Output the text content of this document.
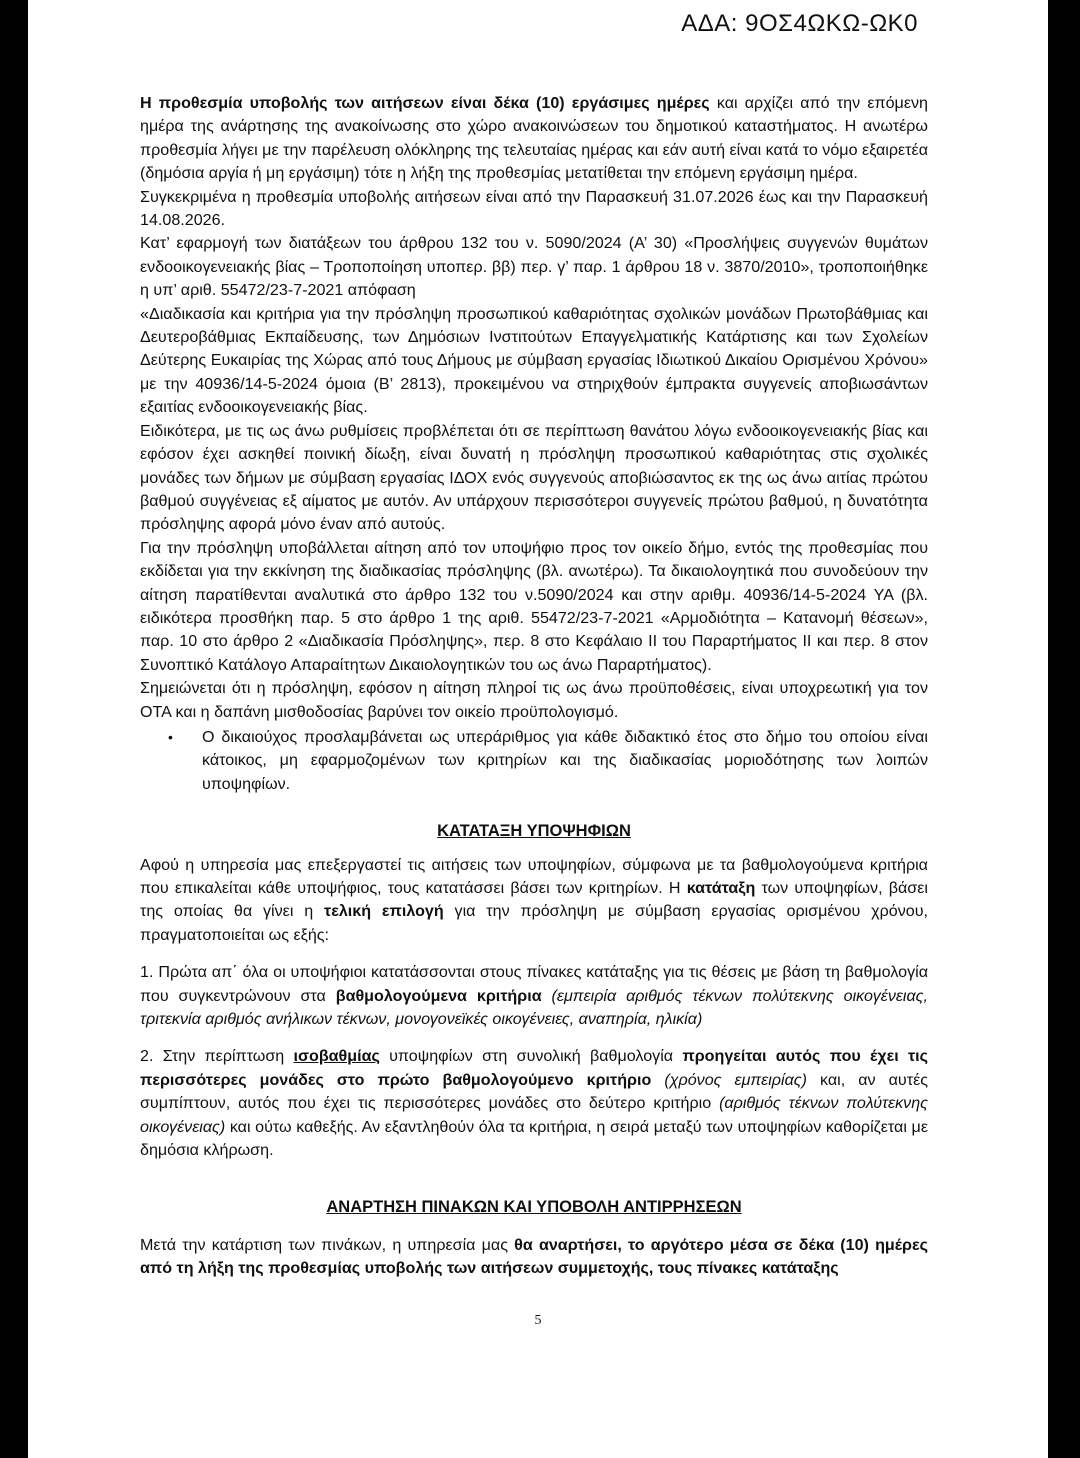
ΑΔΑ: 9ΟΣ4ΩΚΩ-ΩΚ0

Η προθεσμία υποβολής των αιτήσεων είναι δέκα (10) εργάσιμες ημέρες και αρχίζει από την επόμενη ημέρα της ανάρτησης της ανακοίνωσης στο χώρο ανακοινώσεων του δημοτικού καταστήματος. Η ανωτέρω προθεσμία λήγει με την παρέλευση ολόκληρης της τελευταίας ημέρας και εάν αυτή είναι κατά το νόμο εξαιρετέα (δημόσια αργία ή μη εργάσιμη) τότε η λήξη της προθεσμίας μετατίθεται την επόμενη εργάσιμη ημέρα.

Συγκεκριμένα η προθεσμία υποβολής αιτήσεων είναι από την Παρασκευή 31.07.2026 έως και την Παρασκευή 14.08.2026.

Κατ’ εφαρμογή των διατάξεων του άρθρου 132 του ν. 5090/2024 (Α’ 30) «Προσλήψεις συγγενών θυμάτων ενδοοικογενειακής βίας – Τροποποίηση υποπερ. ββ) περ. γ’ παρ. 1 άρθρου 18 ν. 3870/2010», τροποποιήθηκε η υπ’ αριθ. 55472/23-7-2021 απόφαση

«Διαδικασία και κριτήρια για την πρόσληψη προσωπικού καθαριότητας σχολικών μονάδων Πρωτοβάθμιας και Δευτεροβάθμιας Εκπαίδευσης, των Δημόσιων Ινστιτούτων Επαγγελματικής Κατάρτισης και των Σχολείων Δεύτερης Ευκαιρίας της Χώρας από τους Δήμους με σύμβαση εργασίας Ιδιωτικού Δικαίου Ορισμένου Χρόνου» με την 40936/14-5-2024 όμοια (Β’ 2813), προκειμένου να στηριχθούν έμπρακτα συγγενείς αποβιωσάντων εξαιτίας ενδοοικογενειακής βίας.

Ειδικότερα, με τις ως άνω ρυθμίσεις προβλέπεται ότι σε περίπτωση θανάτου λόγω ενδοοικογενειακής βίας και εφόσον έχει ασκηθεί ποινική δίωξη, είναι δυνατή η πρόσληψη προσωπικού καθαριότητας στις σχολικές μονάδες των δήμων με σύμβαση εργασίας ΙΔΟΧ ενός συγγενούς αποβιώσαντος εκ της ως άνω αιτίας πρώτου βαθμού συγγένειας εξ αίματος με αυτόν. Αν υπάρχουν περισσότεροι συγγενείς πρώτου βαθμού, η δυνατότητα πρόσληψης αφορά μόνο έναν από αυτούς.

Για την πρόσληψη υποβάλλεται αίτηση από τον υποψήφιο προς τον οικείο δήμο, εντός της προθεσμίας που εκδίδεται για την εκκίνηση της διαδικασίας πρόσληψης (βλ. ανωτέρω). Τα δικαιολογητικά που συνοδεύουν την αίτηση παρατίθενται αναλυτικά στο άρθρο 132 του ν.5090/2024 και στην αριθμ. 40936/14-5-2024 ΥΑ (βλ. ειδικότερα προσθήκη παρ. 5 στο άρθρο 1 της αριθ. 55472/23-7-2021 «Αρμοδιότητα – Κατανομή θέσεων», παρ. 10 στο άρθρο 2 «Διαδικασία Πρόσληψης», περ. 8 στο Κεφάλαιο ΙΙ του Παραρτήματος ΙΙ και περ. 8 στον Συνοπτικό Κατάλογο Απαραίτητων Δικαιολογητικών του ως άνω Παραρτήματος).

Σημειώνεται ότι η πρόσληψη, εφόσον η αίτηση πληροί τις ως άνω προϋποθέσεις, είναι υποχρεωτική για τον ΟΤΑ και η δαπάνη μισθοδοσίας βαρύνει τον οικείο προϋπολογισμό.

•	Ο δικαιούχος προσλαμβάνεται ως υπεράριθμος για κάθε διδακτικό έτος στο δήμο του οποίου είναι κάτοικος, μη εφαρμοζομένων των κριτηρίων και της διαδικασίας μοριοδότησης των λοιπών υποψηφίων.

ΚΑΤΑΤΑΞΗ ΥΠΟΨΗΦΙΩΝ

Αφού η υπηρεσία μας επεξεργαστεί τις αιτήσεις των υποψηφίων, σύμφωνα με τα βαθμολογούμενα κριτήρια που επικαλείται κάθε υποψήφιος, τους κατατάσσει βάσει των κριτηρίων. Η κατάταξη των υποψηφίων, βάσει της οποίας θα γίνει η τελική επιλογή για την πρόσληψη με σύμβαση εργασίας ορισμένου χρόνου, πραγματοποιείται ως εξής:

1. Πρώτα απ΄ όλα οι υποψήφιοι κατατάσσονται στους πίνακες κατάταξης για τις θέσεις με βάση τη βαθμολογία που συγκεντρώνουν στα βαθμολογούμενα κριτήρια (εμπειρία αριθμός τέκνων πολύτεκνης οικογένειας, τριτεκνία αριθμός ανήλικων τέκνων, μονογονεϊκές οικογένειες, αναπηρία, ηλικία)

2. Στην περίπτωση ισοβαθμίας υποψηφίων στη συνολική βαθμολογία προηγείται αυτός που έχει τις περισσότερες μονάδες στο πρώτο βαθμολογούμενο κριτήριο (χρόνος εμπειρίας) και, αν αυτές συμπίπτουν, αυτός που έχει τις περισσότερες μονάδες στο δεύτερο κριτήριο (αριθμός τέκνων πολύτεκνης οικογένειας) και ούτω καθεξής. Αν εξαντληθούν όλα τα κριτήρια, η σειρά μεταξύ των υποψηφίων καθορίζεται με δημόσια κλήρωση.

ΑΝΑΡΤΗΣΗ ΠΙΝΑΚΩΝ ΚΑΙ ΥΠΟΒΟΛΗ ΑΝΤΙΡΡΗΣΕΩΝ

Μετά την κατάρτιση των πινάκων, η υπηρεσία μας θα αναρτήσει, το αργότερο μέσα σε δέκα (10) ημέρες από τη λήξη της προθεσμίας υποβολής των αιτήσεων συμμετοχής, τους πίνακες κατάταξης

5
